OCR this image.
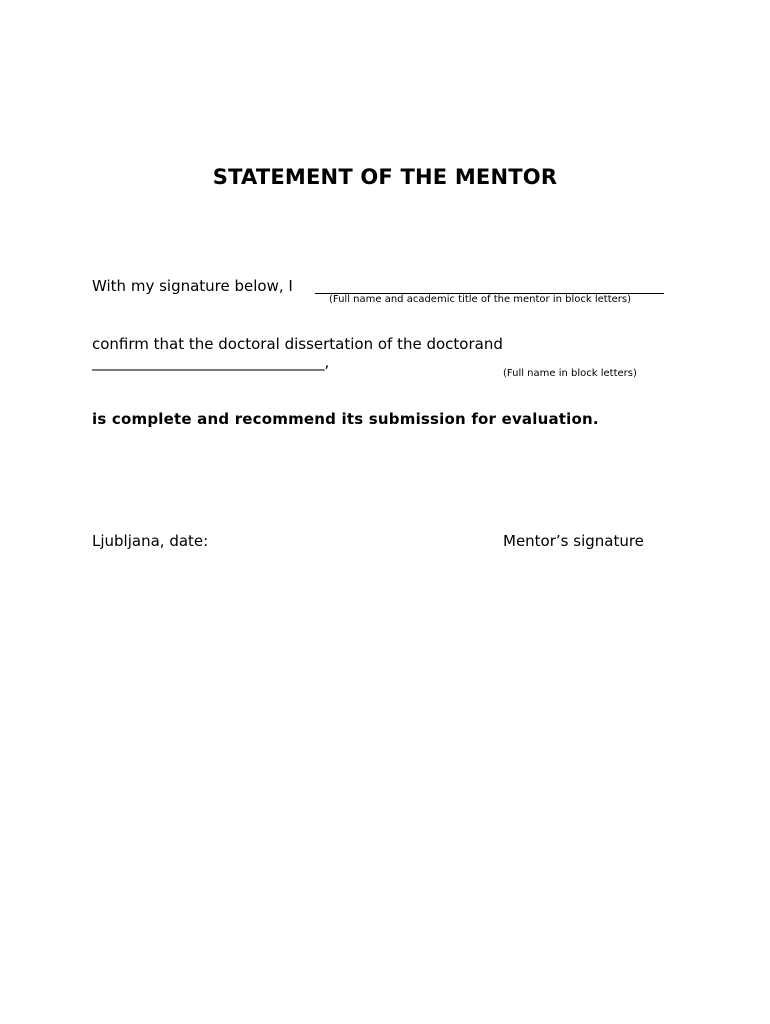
STATEMENT OF THE MENTOR
With my signature below, I
(Full name and academic title of the mentor in block letters)
confirm that the doctoral dissertation of the doctorand
_______________________________,
(Full name in block letters)
is complete and recommend its submission for evaluation.
Ljubljana, date:	Mentor’s signature
